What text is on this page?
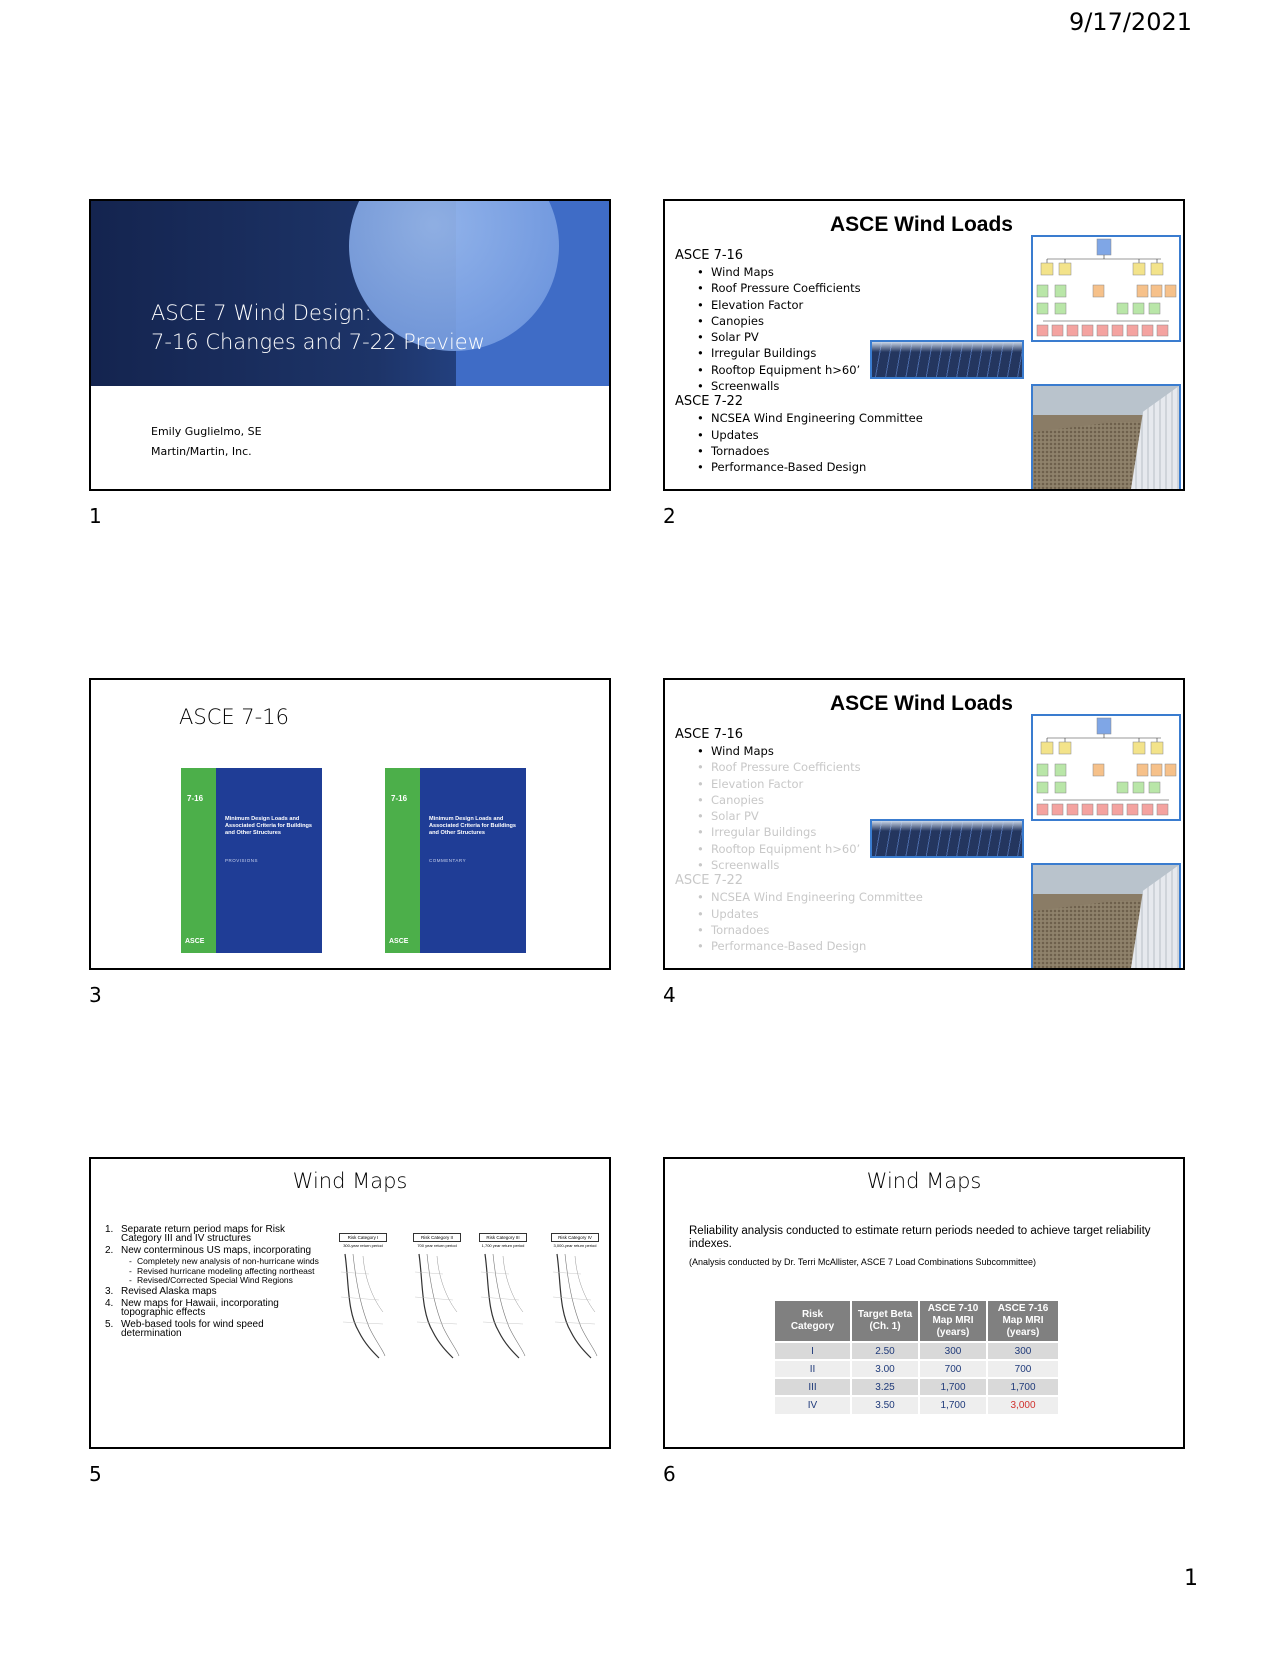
9/17/2021
ASCE 7 Wind Design:
7-16 Changes and 7-22 Preview
Emily Guglielmo, SE
Martin/Martin, Inc.
1
ASCE Wind Loads
ASCE 7-16
• Wind Maps
• Roof Pressure Coefficients
• Elevation Factor
• Canopies
• Solar PV
• Irregular Buildings
• Rooftop Equipment h>60’
• Screenwalls
ASCE 7-22
• NCSEA Wind Engineering Committee
• Updates
• Tornadoes
• Performance-Based Design
2
ASCE 7-16
7-16
Minimum Design Loads and Associated Criteria for Buildings and Other Structures
PROVISIONS
ASCE
7-16
Minimum Design Loads and Associated Criteria for Buildings and Other Structures
COMMENTARY
ASCE
3
ASCE Wind Loads
ASCE 7-16
• Wind Maps
• Roof Pressure Coefficients
• Elevation Factor
• Canopies
• Solar PV
• Irregular Buildings
• Rooftop Equipment h>60’
• Screenwalls
ASCE 7-22
• NCSEA Wind Engineering Committee
• Updates
• Tornadoes
• Performance-Based Design
4
Wind Maps
1. Separate return period maps for Risk Category III and IV structures
2. New conterminous US maps, incorporating
- Completely new analysis of non-hurricane winds
- Revised hurricane modeling affecting northeast
- Revised/Corrected Special Wind Regions
3. Revised Alaska maps
4. New maps for Hawaii, incorporating topographic effects
5. Web-based tools for wind speed determination
Risk Category I
300-year return period
Risk Category II
700 year return period
Risk Category III
1,700 year return period
Risk Category IV
3,000-year return period
5
Wind Maps
Reliability analysis conducted to estimate return periods needed to achieve target reliability indexes.
(Analysis conducted by Dr. Terri McAllister, ASCE 7 Load Combinations Subcommittee)
Risk Category	Target Beta (Ch. 1)	ASCE 7-10 Map MRI (years)	ASCE 7-16 Map MRI (years)
I	2.50	300	300
II	3.00	700	700
III	3.25	1,700	1,700
IV	3.50	1,700	3,000
6
1
